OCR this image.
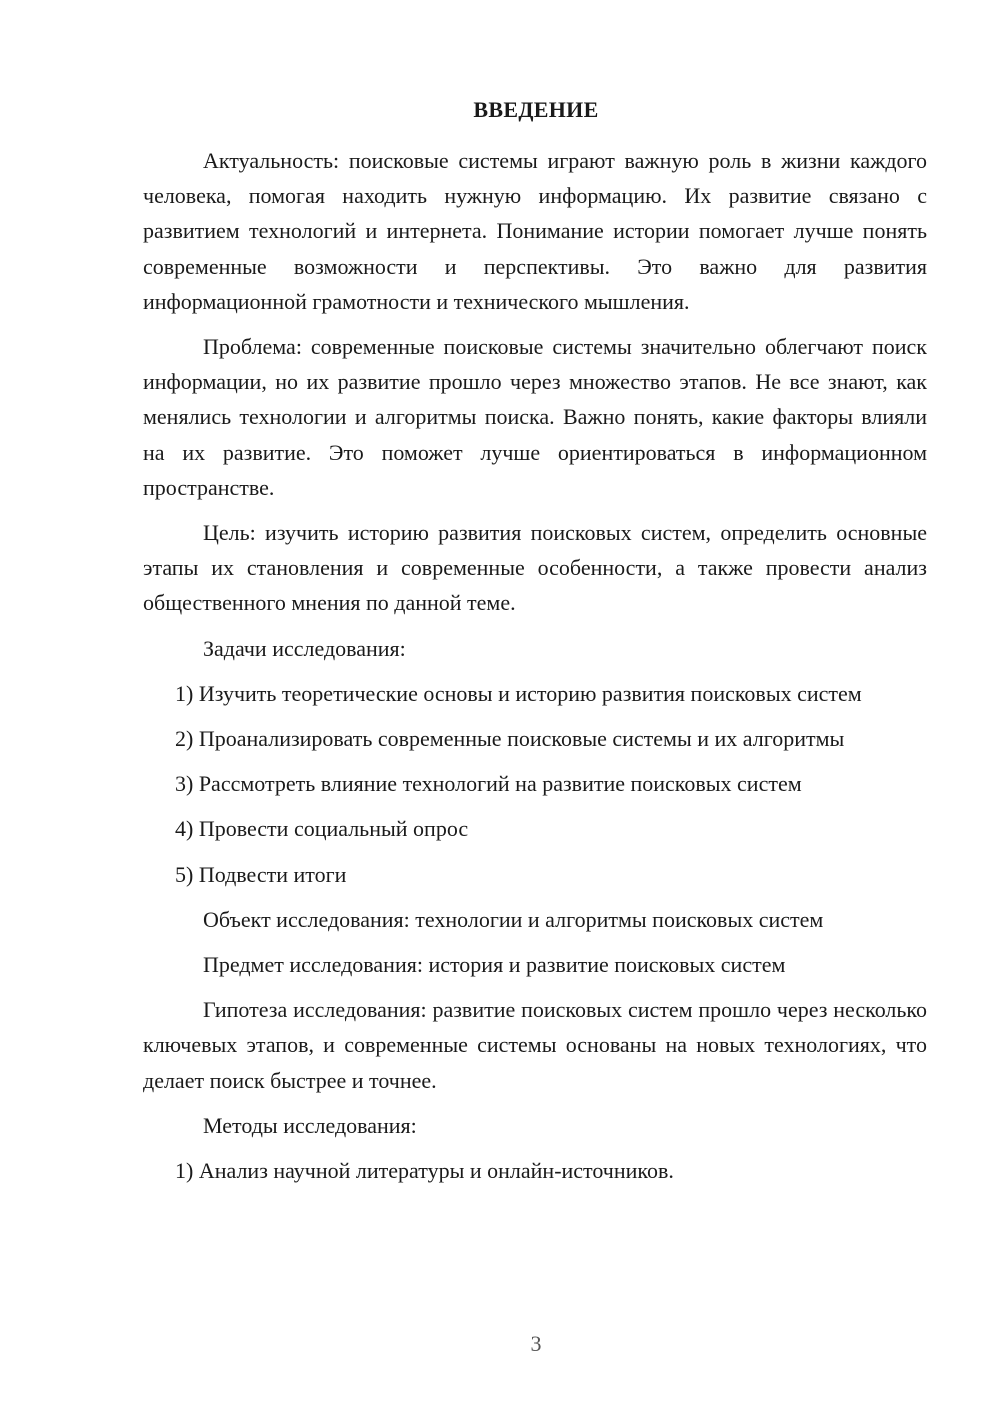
ВВЕДЕНИЕ

Актуальность: поисковые системы играют важную роль в жизни каждого человека, помогая находить нужную информацию. Их развитие связано с развитием технологий и интернета. Понимание истории помогает лучше понять современные возможности и перспективы. Это важно для развития информационной грамотности и технического мышления.

Проблема: современные поисковые системы значительно облегчают поиск информации, но их развитие прошло через множество этапов. Не все знают, как менялись технологии и алгоритмы поиска. Важно понять, какие факторы влияли на их развитие. Это поможет лучше ориентироваться в информационном пространстве.

Цель: изучить историю развития поисковых систем, определить основные этапы их становления и современные особенности, а также провести анализ общественного мнения по данной теме.

Задачи исследования:

1) Изучить теоретические основы и историю развития поисковых систем

2) Проанализировать современные поисковые системы и их алгоритмы

3) Рассмотреть влияние технологий на развитие поисковых систем

4) Провести социальный опрос

5) Подвести итоги

Объект исследования: технологии и алгоритмы поисковых систем

Предмет исследования: история и развитие поисковых систем

Гипотеза исследования: развитие поисковых систем прошло через несколько ключевых этапов, и современные системы основаны на новых технологиях, что делает поиск быстрее и точнее.

Методы исследования:

1) Анализ научной литературы и онлайн-источников.

3
